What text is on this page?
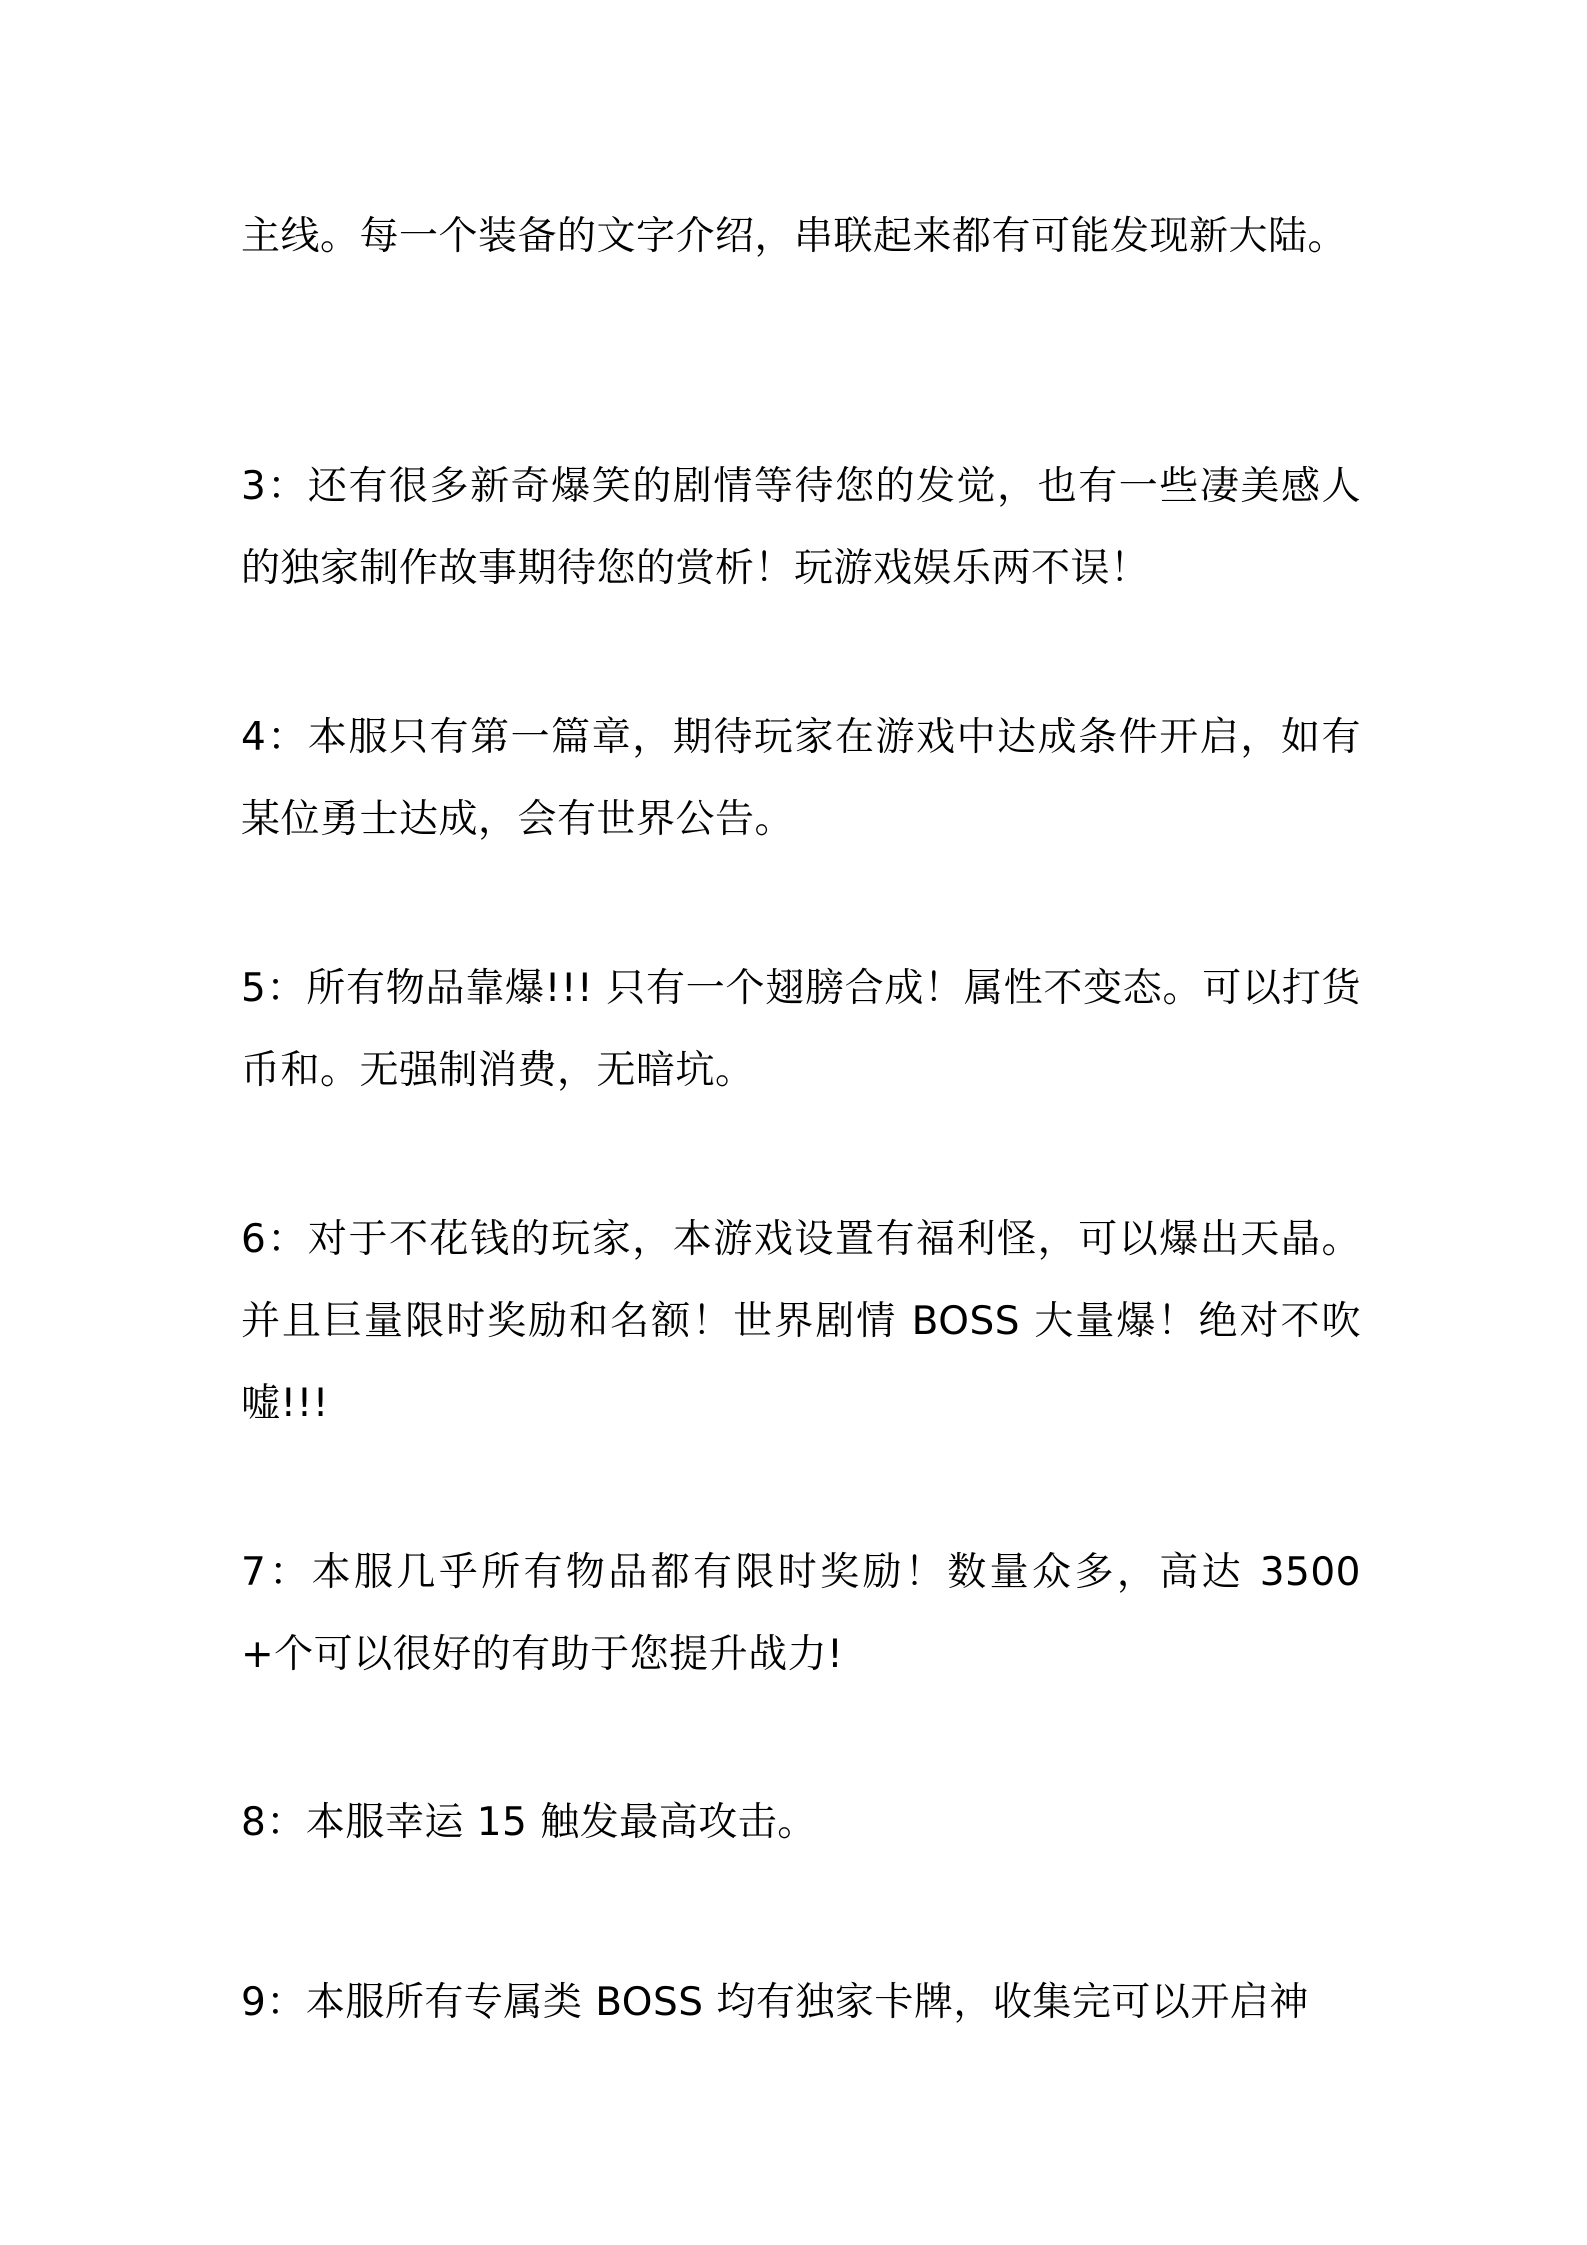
主线。每一个装备的文字介绍，串联起来都有可能发现新大陆。

3：还有很多新奇爆笑的剧情等待您的发觉，也有一些凄美感人的独家制作故事期待您的赏析！玩游戏娱乐两不误！

4：本服只有第一篇章，期待玩家在游戏中达成条件开启，如有某位勇士达成，会有世界公告。

5：所有物品靠爆!!! 只有一个翅膀合成！属性不变态。可以打货币和。无强制消费，无暗坑。

6：对于不花钱的玩家，本游戏设置有福利怪，可以爆出天晶。并且巨量限时奖励和名额！世界剧情 BOSS 大量爆！绝对不吹嘘!!!

7：本服几乎所有物品都有限时奖励！数量众多，高达 3500+个可以很好的有助于您提升战力!

8：本服幸运 15 触发最高攻击。

9：本服所有专属类 BOSS 均有独家卡牌，收集完可以开启神
